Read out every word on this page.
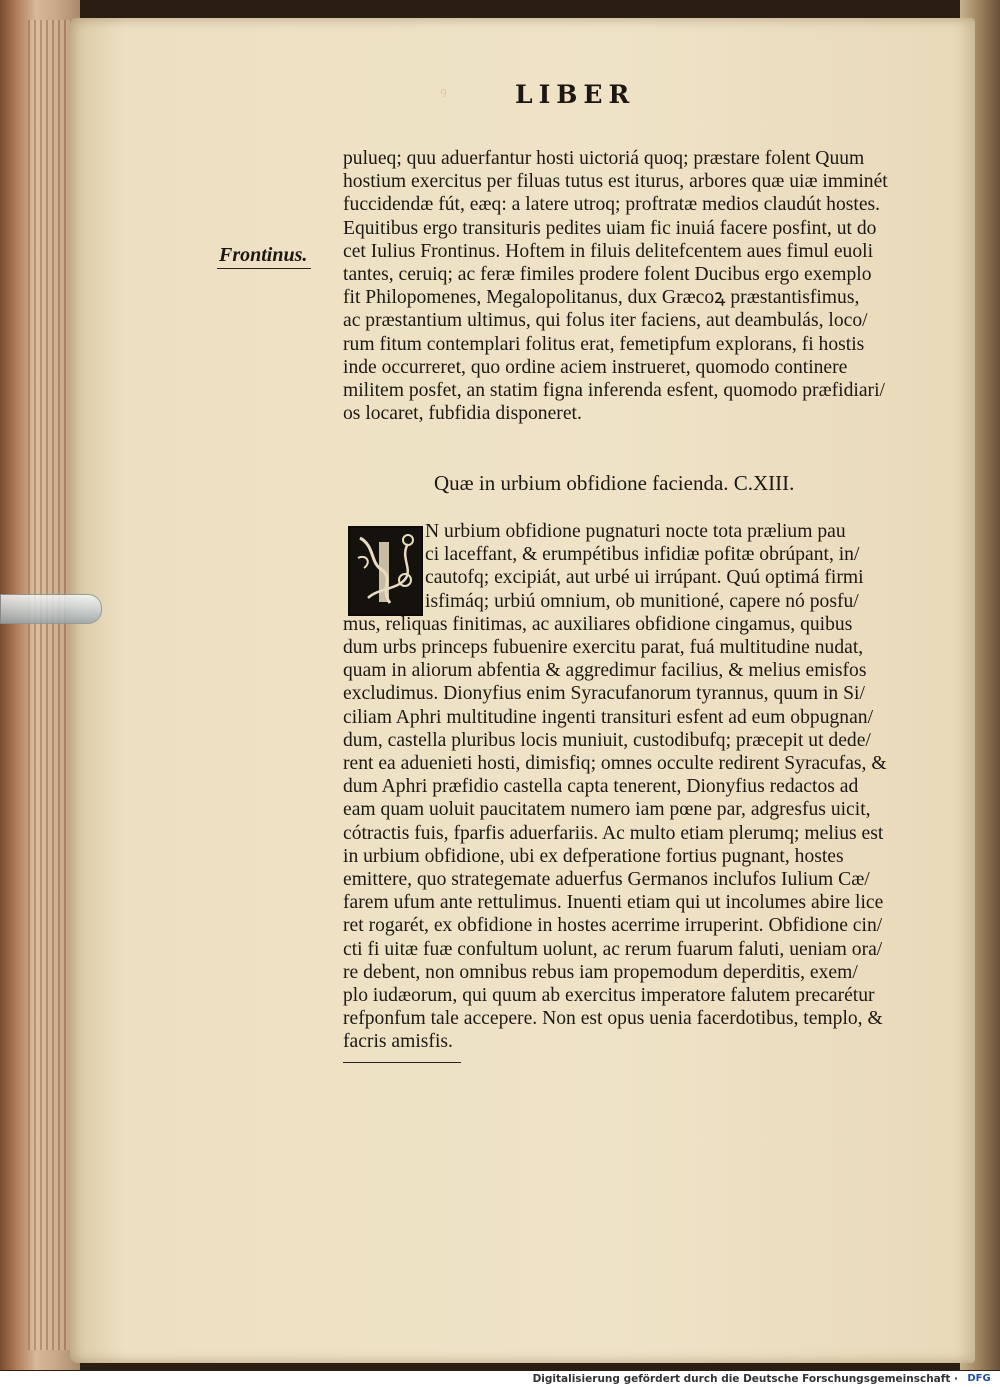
ꝰ	LIBER
Frontinus.
pulueq; quu aduerfantur hosti uictoriá quoq; præstare folent Quum
hostium exercitus per filuas tutus est iturus, arbores quæ uiæ imminét
fuccidendæ fút, eæq: a latere utroq; proftratæ medios claudút hostes.
Equitibus ergo transituris pedites uiam fic inuiá facere posfint, ut do
cet Iulius Frontinus. Hoftem in filuis delitefcentem aues fimul euoli
tantes, ceruiq; ac feræ fimiles prodere folent Ducibus ergo exemplo
fit Philopomenes, Megalopolitanus, dux Græcoꝝ præstantisfimus,
ac præstantium ultimus, qui folus iter faciens, aut deambulás, loco/
rum fitum contemplari folitus erat, femetipfum explorans, fi hostis
inde occurreret, quo ordine aciem instrueret, quomodo continere
militem posfet, an statim figna inferenda esfent, quomodo præfidiari/
os locaret, fubfidia disponeret.
Quæ in urbium obfidione facienda. C.XIII.
N urbium obfidione pugnaturi nocte tota prælium pau
ci laceffant, & erumpétibus infidiæ pofitæ obrúpant, in/
cautofq; excipiát, aut urbé ui irrúpant. Quú optimá firmi
isfimáq; urbiú omnium, ob munitioné, capere nó posfu/
mus, reliquas finitimas, ac auxiliares obfidione cingamus, quibus
dum urbs princeps fubuenire exercitu parat, fuá multitudine nudat,
quam in aliorum abfentia & aggredimur facilius, & melius emisfos
excludimus. Dionyfius enim Syracufanorum tyrannus, quum in Si/
ciliam Aphri multitudine ingenti transituri esfent ad eum obpugnan/
dum, castella pluribus locis muniuit, custodibufq; præcepit ut dede/
rent ea aduenieti hosti, dimisfiq; omnes occulte redirent Syracufas, &
dum Aphri præfidio castella capta tenerent, Dionyfius redactos ad
eam quam uoluit paucitatem numero iam pœne par, adgresfus uicit,
cótractis fuis, fparfis aduerfariis. Ac multo etiam plerumq; melius est
in urbium obfidione, ubi ex defperatione fortius pugnant, hostes
emittere, quo strategemate aduerfus Germanos inclufos Iulium Cæ/
farem ufum ante rettulimus. Inuenti etiam qui ut incolumes abire lice
ret rogarét, ex obfidione in hostes acerrime irruperint. Obfidione cin/
cti fi uitæ fuæ confultum uolunt, ac rerum fuarum faluti, ueniam ora/
re debent, non omnibus rebus iam propemodum deperditis, exem/
plo iudæorum, qui quum ab exercitus imperatore falutem precarétur
refponfum tale accepere. Non est opus uenia facerdotibus, templo, &
facris amisfis.
Digitalisierung gefördert durch die Deutsche Forschungsgemeinschaft · DFG
